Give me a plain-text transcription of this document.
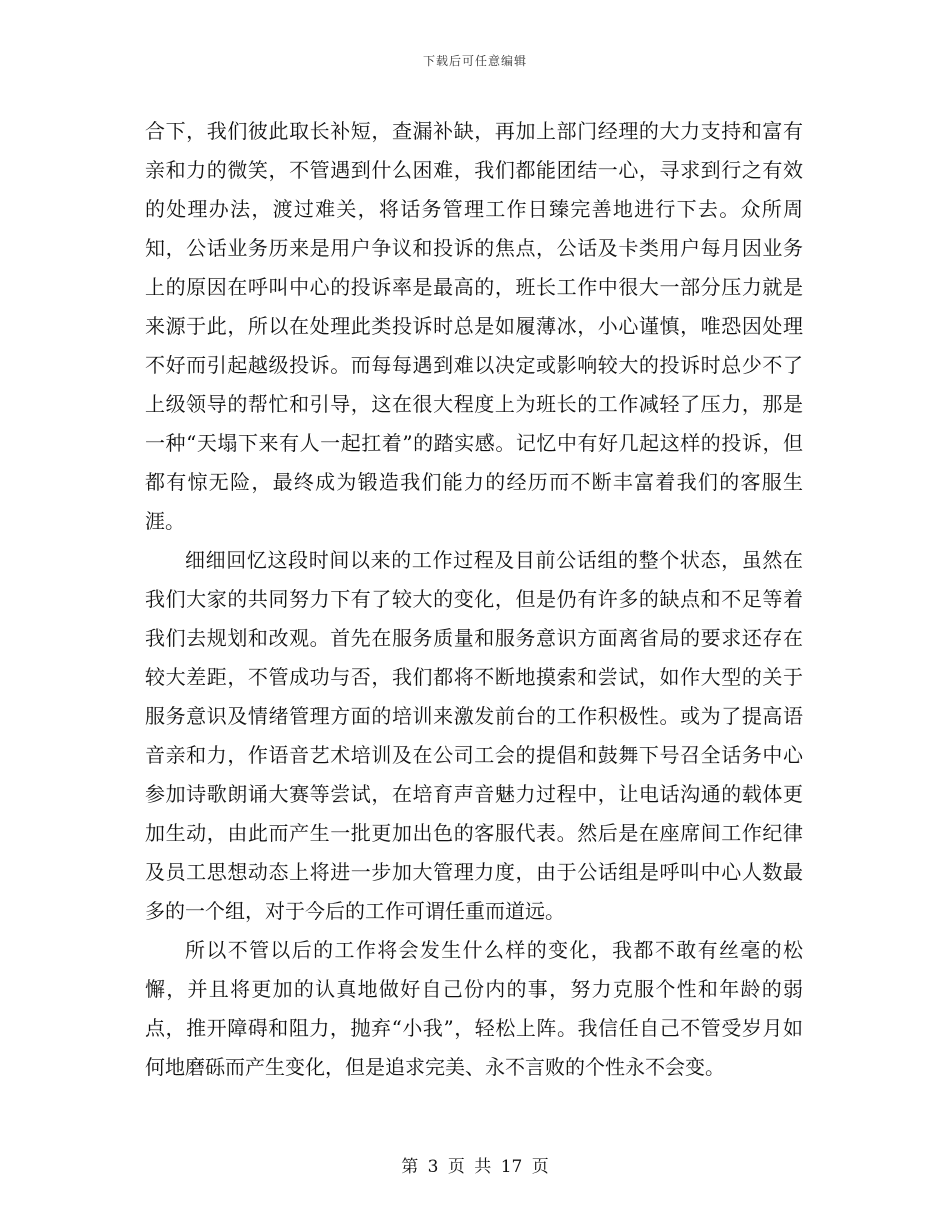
下载后可任意编辑

合下，我们彼此取长补短，查漏补缺，再加上部门经理的大力支持和富有亲和力的微笑，不管遇到什么困难，我们都能团结一心，寻求到行之有效的处理办法，渡过难关，将话务管理工作日臻完善地进行下去。众所周知，公话业务历来是用户争议和投诉的焦点，公话及卡类用户每月因业务上的原因在呼叫中心的投诉率是最高的，班长工作中很大一部分压力就是来源于此，所以在处理此类投诉时总是如履薄冰，小心谨慎，唯恐因处理不好而引起越级投诉。而每每遇到难以决定或影响较大的投诉时总少不了上级领导的帮忙和引导，这在很大程度上为班长的工作减轻了压力，那是一种“天塌下来有人一起扛着”的踏实感。记忆中有好几起这样的投诉，但都有惊无险，最终成为锻造我们能力的经历而不断丰富着我们的客服生涯。

细细回忆这段时间以来的工作过程及目前公话组的整个状态，虽然在我们大家的共同努力下有了较大的变化，但是仍有许多的缺点和不足等着我们去规划和改观。首先在服务质量和服务意识方面离省局的要求还存在较大差距，不管成功与否，我们都将不断地摸索和尝试，如作大型的关于服务意识及情绪管理方面的培训来激发前台的工作积极性。或为了提高语音亲和力，作语音艺术培训及在公司工会的提倡和鼓舞下号召全话务中心参加诗歌朗诵大赛等尝试，在培育声音魅力过程中，让电话沟通的载体更加生动，由此而产生一批更加出色的客服代表。然后是在座席间工作纪律及员工思想动态上将进一步加大管理力度，由于公话组是呼叫中心人数最多的一个组，对于今后的工作可谓任重而道远。

所以不管以后的工作将会发生什么样的变化，我都不敢有丝毫的松懈，并且将更加的认真地做好自己份内的事，努力克服个性和年龄的弱点，推开障碍和阻力，抛弃“小我”，轻松上阵。我信任自己不管受岁月如何地磨砾而产生变化，但是追求完美、永不言败的个性永不会变。

第 3 页 共 17 页
